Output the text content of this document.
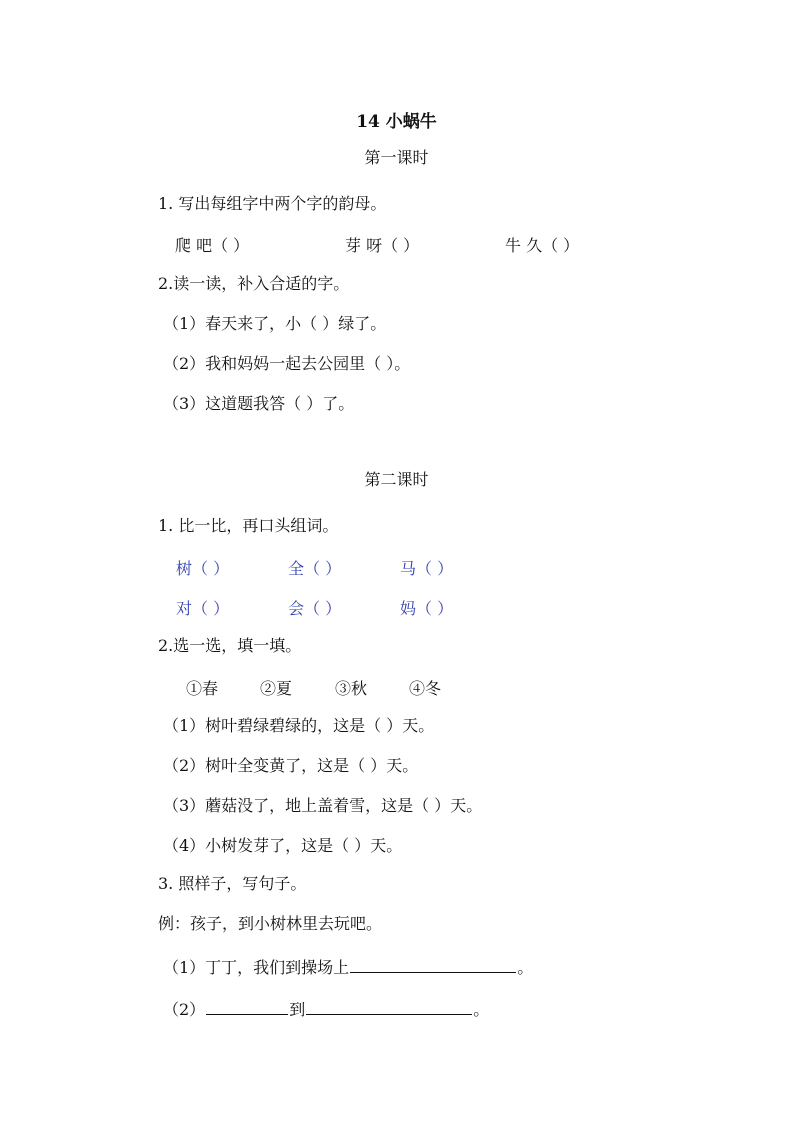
14 小蜗牛
第一课时
1. 写出每组字中两个字的韵母。
爬 吧（ ）	芽 呀（ ）	牛 久（ ）
2.读一读，补入合适的字。
（1）春天来了，小（ ）绿了。
（2）我和妈妈一起去公园里（ ）。
（3）这道题我答（ ）了。
第二课时
1. 比一比，再口头组词。
树（ ）	全（ ）	马（ ）
对（ ）	会（ ）	妈（ ）
2.选一选，填一填。
①春	②夏	③秋	④冬
（1）树叶碧绿碧绿的，这是（ ）天。
（2）树叶全变黄了，这是（ ）天。
（3）蘑菇没了，地上盖着雪，这是（ ）天。
（4）小树发芽了，这是（ ）天。
3. 照样子，写句子。
例：孩子，到小树林里去玩吧。
（1）丁丁，我们到操场上	。
（2）	到	。
